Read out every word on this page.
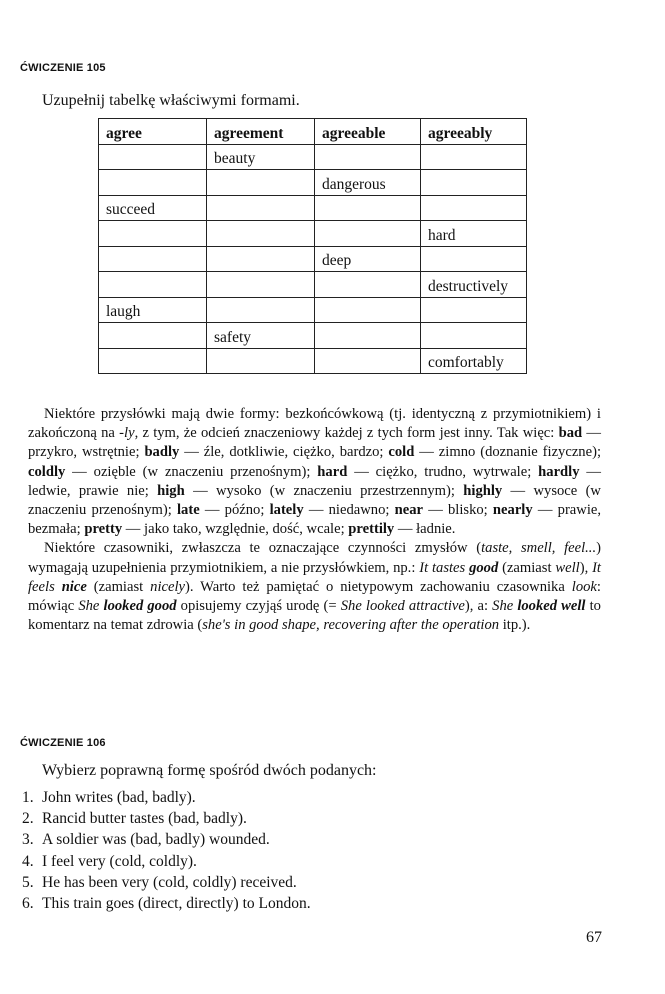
ĆWICZENIE 105
Uzupełnij tabelkę właściwymi formami.
agree	agreement	agreeable	agreeably
	beauty		
		dangerous	
succeed			
			hard
		deep	
			destructively
laugh			
	safety		
			comfortably

Niektóre przysłówki mają dwie formy: bezkońcówkową (tj. identyczną z przymiotnikiem) i zakończoną na -ly, z tym, że odcień znaczeniowy każdej z tych form jest inny. Tak więc: bad — przykro, wstrętnie; badly — źle, dotkliwie, ciężko, bardzo; cold — zimno (doznanie fizyczne); coldly — ozięble (w znaczeniu przenośnym); hard — ciężko, trudno, wytrwale; hardly — ledwie, prawie nie; high — wysoko (w znaczeniu przestrzennym); highly — wysoce (w znaczeniu przenośnym); late — późno; lately — niedawno; near — blisko; nearly — prawie, bezmała; pretty — jako tako, względnie, dość, wcale; prettily — ładnie.

Niektóre czasowniki, zwłaszcza te oznaczające czynności zmysłów (taste, smell, feel...) wymagają uzupełnienia przymiotnikiem, a nie przysłówkiem, np.: It tastes good (zamiast well), It feels nice (zamiast nicely). Warto też pamiętać o nietypowym zachowaniu czasownika look: mówiąc She looked good opisujemy czyjąś urodę (= She looked attractive), a: She looked well to komentarz na temat zdrowia (she's in good shape, recovering after the operation itp.).

ĆWICZENIE 106
Wybierz poprawną formę spośród dwóch podanych:
1. John writes (bad, badly).
2. Rancid butter tastes (bad, badly).
3. A soldier was (bad, badly) wounded.
4. I feel very (cold, coldly).
5. He has been very (cold, coldly) received.
6. This train goes (direct, directly) to London.
67
